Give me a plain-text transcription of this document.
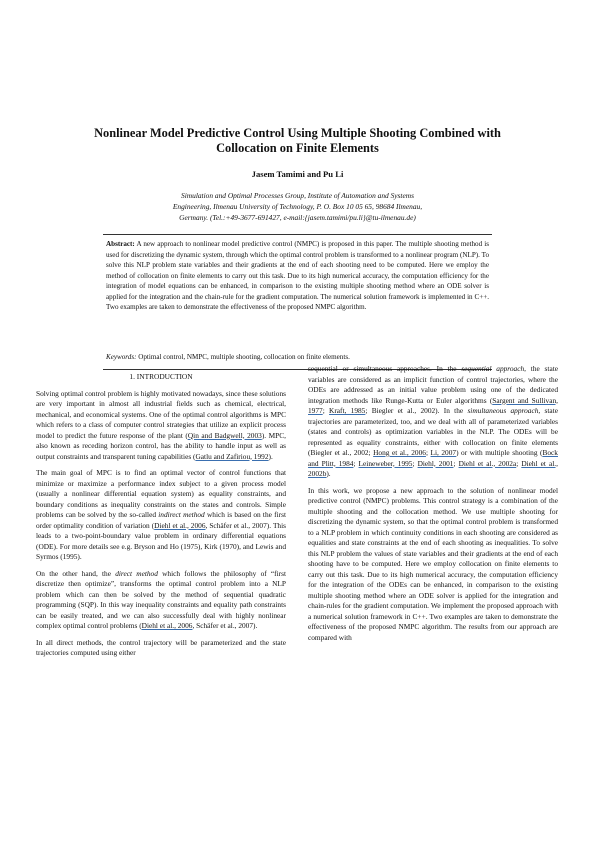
Nonlinear Model Predictive Control Using Multiple Shooting Combined with
Collocation on Finite Elements
Jasem Tamimi and Pu Li
Simulation and Optimal Processes Group, Institute of Automation and Systems
Engineering, Ilmenau University of Technology, P. O. Box 10 05 65, 98684 Ilmenau,
Germany. (Tel.:+49-3677-691427, e-mail:{jasem.tamimi/pu.li}@tu-ilmenau.de)

Abstract: A new approach to nonlinear model predictive control (NMPC) is proposed in this paper. The multiple shooting method is used for discretizing the dynamic system, through which the optimal control problem is transformed to a nonlinear program (NLP). To solve this NLP problem state variables and their gradients at the end of each shooting need to be computed. Here we employ the method of collocation on finite elements to carry out this task. Due to its high numerical accuracy, the computation efficiency for the integration of model equations can be enhanced, in comparison to the existing multiple shooting method where an ODE solver is applied for the integration and the chain-rule for the gradient computation. The numerical solution framework is implemented in C++. Two examples are taken to demonstrate the effectiveness of the proposed NMPC algorithm.

Keywords: Optimal control, NMPC, multiple shooting, collocation on finite elements.

1. INTRODUCTION

Solving optimal control problem is highly motivated nowadays, since these solutions are very important in almost all industrial fields such as chemical, electrical, mechanical, and economical systems. One of the optimal control algorithms is MPC which refers to a class of computer control strategies that utilize an explicit process model to predict the future response of the plant (Qin and Badgwell, 2003). MPC, also known as receding horizon control, has the ability to handle input as well as output constraints and transparent tuning capabilities (Gatlu and Zafiriou, 1992).

The main goal of MPC is to find an optimal vector of control functions that minimize or maximize a performance index subject to a given process model (usually a nonlinear differential equation system) as equality constraints, and boundary conditions as inequality constraints on the states and controls. Simple problems can be solved by the so-called indirect method which is based on the first order optimality condition of variation (Diehl et al., 2006, Schäfer et al., 2007). This leads to a two-point-boundary value problem in ordinary differential equations (ODE). For more details see e.g. Bryson and Ho (1975), Kirk (1970), and Lewis and Syrmos (1995).

On the other hand, the direct method which follows the philosophy of “first discretize then optimize”, transforms the optimal control problem into a NLP problem which can then be solved by the method of sequential quadratic programming (SQP). In this way inequality constraints and equality path constraints can be easily treated, and we can also successfully deal with highly nonlinear complex optimal control problems (Diehl et al., 2006, Schäfer et al., 2007).

In all direct methods, the control trajectory will be parameterized and the state trajectories computed using either

sequential or simultaneous approaches. In the sequential approach, the state variables are considered as an implicit function of control trajectories, where the ODEs are addressed as an initial value problem using one of the dedicated integration methods like Runge-Kutta or Euler algorithms (Sargent and Sullivan, 1977; Kraft, 1985; Biegler et al., 2002). In the simultaneous approach, state trajectories are parameterized, too, and we deal with all of parameterized variables (states and controls) as optimization variables in the NLP. The ODEs will be represented as equality constraints, either with collocation on finite elements (Biegler et al., 2002; Hong et al., 2006; Li, 2007) or with multiple shooting (Bock and Plitt, 1984; Leineweber, 1995; Diehl, 2001; Diehl et al., 2002a; Diehl et al., 2002b).

In this work, we propose a new approach to the solution of nonlinear model predictive control (NMPC) problems. This control strategy is a combination of the multiple shooting and the collocation method. We use multiple shooting for discretizing the dynamic system, so that the optimal control problem is transformed to a NLP problem in which continuity conditions in each shooting are considered as equalities and state constraints at the end of each shooting as inequalities. To solve this NLP problem the values of state variables and their gradients at the end of each shooting have to be computed. Here we employ collocation on finite elements to carry out this task. Due to its high numerical accuracy, the computation efficiency for the integration of the ODEs can be enhanced, in comparison to the existing multiple shooting method where an ODE solver is applied for the integration and chain-rules for the gradient computation. We implement the proposed approach with a numerical solution framework in C++. Two examples are taken to demonstrate the effectiveness of the proposed NMPC algorithm. The results from our approach are compared with
